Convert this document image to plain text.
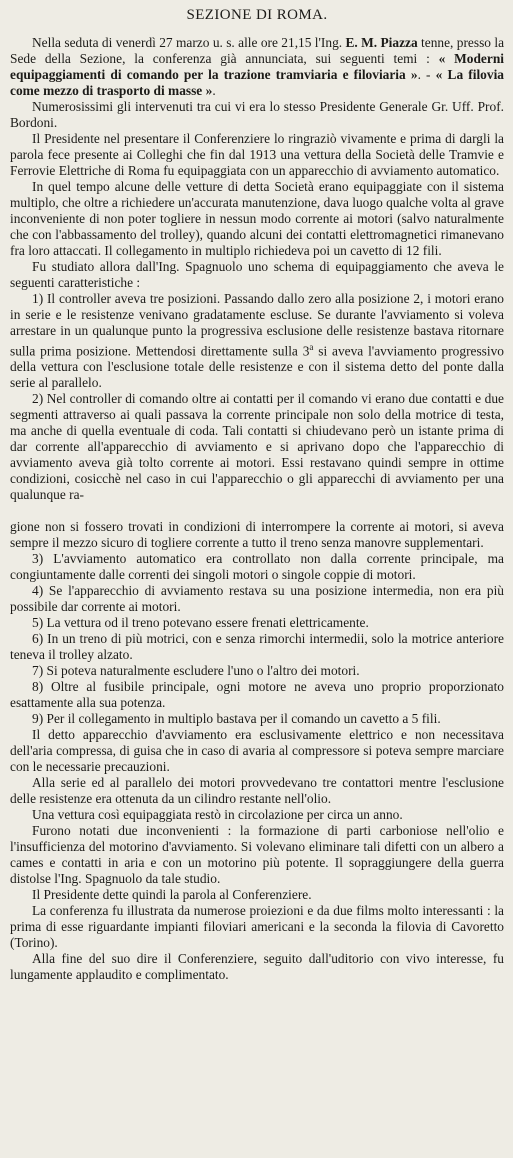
SEZIONE DI ROMA.

Nella seduta di venerdì 27 marzo u. s. alle ore 21,15 l'Ing. E. M. Piazza tenne, presso la Sede della Sezione, la conferenza già annunciata, sui seguenti temi : « Moderni equipaggiamenti di comando per la trazione tramviaria e filoviaria ». - « La filovia come mezzo di trasporto di masse ».

Numerosissimi gli intervenuti tra cui vi era lo stesso Presidente Generale Gr. Uff. Prof. Bordoni.

Il Presidente nel presentare il Conferenziere lo ringraziò vivamente e prima di dargli la parola fece presente ai Colleghi che fin dal 1913 una vettura della Società delle Tramvie e Ferrovie Elettriche di Roma fu equipaggiata con un apparecchio di avviamento automatico.

In quel tempo alcune delle vetture di detta Società erano equipaggiate con il sistema multiplo, che oltre a richiedere un'accurata manutenzione, dava luogo qualche volta al grave inconveniente di non poter togliere in nessun modo corrente ai motori (salvo naturalmente che con l'abbassamento del trolley), quando alcuni dei contatti elettromagnetici rimanevano fra loro attaccati. Il collegamento in multiplo richiedeva poi un cavetto di 12 fili.

Fu studiato allora dall'Ing. Spagnuolo uno schema di equipaggiamento che aveva le seguenti caratteristiche :

1) Il controller aveva tre posizioni. Passando dallo zero alla posizione 2, i motori erano in serie e le resistenze venivano gradatamente escluse. Se durante l'avviamento si voleva arrestare in un qualunque punto la progressiva esclusione delle resistenze bastava ritornare sulla prima posizione. Mettendosi direttamente sulla 3$^a$ si aveva l'avviamento progressivo della vettura con l'esclusione totale delle resistenze e con il sistema detto del ponte dalla serie al parallelo.

2) Nel controller di comando oltre ai contatti per il comando vi erano due contatti e due segmenti attraverso ai quali passava la corrente principale non solo della motrice di testa, ma anche di quella eventuale di coda. Tali contatti si chiudevano però un istante prima di dar corrente all'apparecchio di avviamento e si aprivano dopo che l'apparecchio di avviamento aveva già tolto corrente ai motori. Essi restavano quindi sempre in ottime condizioni, cosicchè nel caso in cui l'apparecchio o gli apparecchi di avviamento per una qualunque ra-

gione non si fossero trovati in condizioni di interrompere la corrente ai motori, si aveva sempre il mezzo sicuro di togliere corrente a tutto il treno senza manovre supplementari.

3) L'avviamento automatico era controllato non dalla corrente principale, ma congiuntamente dalle correnti dei singoli motori o singole coppie di motori.

4) Se l'apparecchio di avviamento restava su una posizione intermedia, non era più possibile dar corrente ai motori.

5) La vettura od il treno potevano essere frenati elettricamente.

6) In un treno di più motrici, con e senza rimorchi intermedii, solo la motrice anteriore teneva il trolley alzato.

7) Si poteva naturalmente escludere l'uno o l'altro dei motori.

8) Oltre al fusibile principale, ogni motore ne aveva uno proprio proporzionato esattamente alla sua potenza.

9) Per il collegamento in multiplo bastava per il comando un cavetto a 5 fili.

Il detto apparecchio d'avviamento era esclusivamente elettrico e non necessitava dell'aria compressa, di guisa che in caso di avaria al compressore si poteva sempre marciare con le necessarie precauzioni.

Alla serie ed al parallelo dei motori provvedevano tre contattori mentre l'esclusione delle resistenze era ottenuta da un cilindro restante nell'olio.

Una vettura così equipaggiata restò in circolazione per circa un anno.

Furono notati due inconvenienti : la formazione di parti carboniose nell'olio e l'insufficienza del motorino d'avviamento. Si volevano eliminare tali difetti con un albero a cames e contatti in aria e con un motorino più potente. Il sopraggiungere della guerra distolse l'Ing. Spagnuolo da tale studio.

Il Presidente dette quindi la parola al Conferenziere.

La conferenza fu illustrata da numerose proiezioni e da due films molto interessanti : la prima di esse riguardante impianti filoviari americani e la seconda la filovia di Cavoretto (Torino).

Alla fine del suo dire il Conferenziere, seguito dall'uditorio con vivo interesse, fu lungamente applaudito e complimentato.
